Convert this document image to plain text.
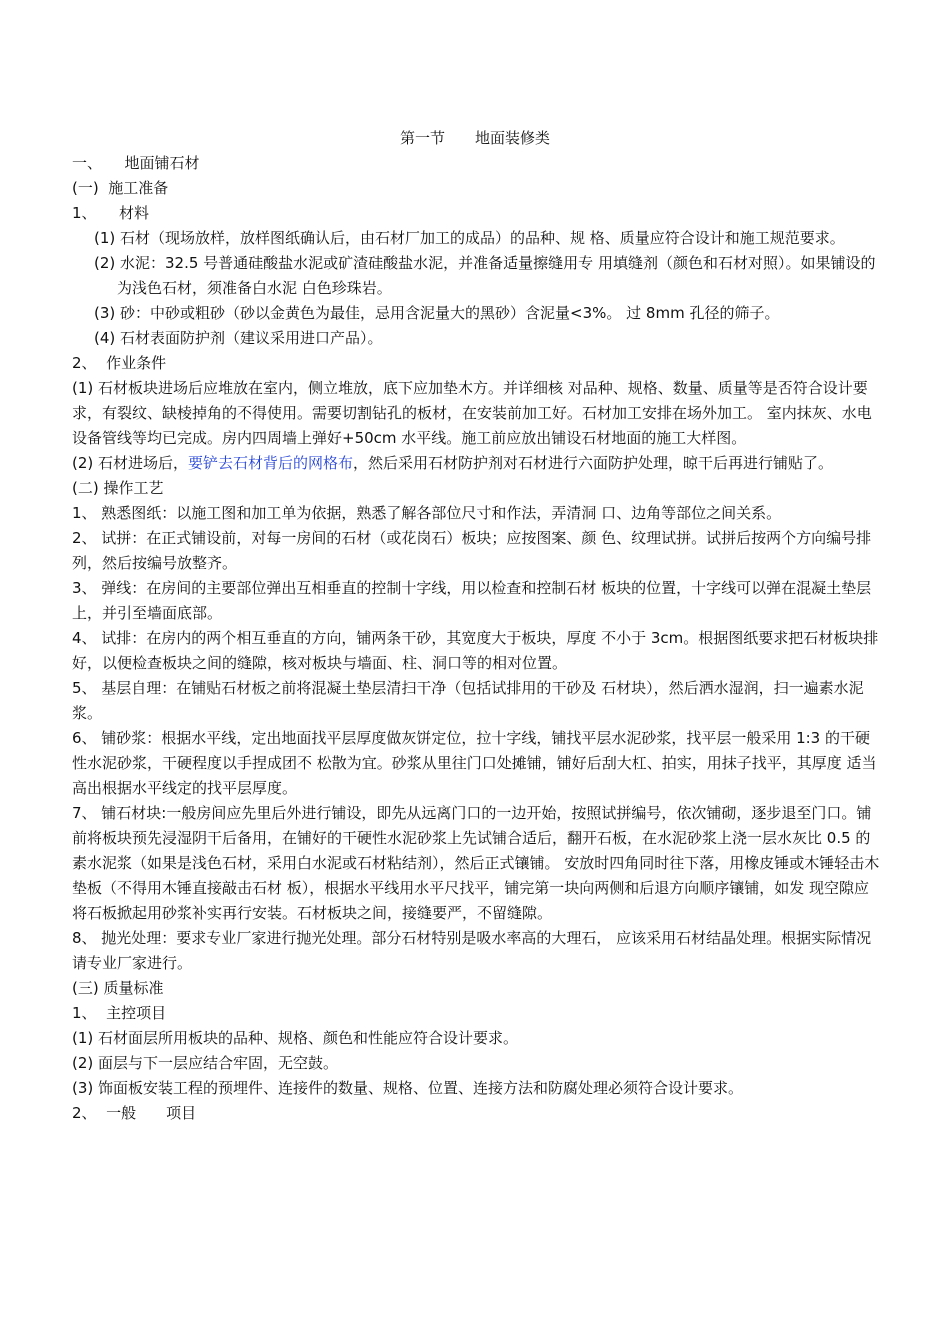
第一节　　地面装修类
一、　　地面铺石材
(一)  施工准备
1、　　材料

(1) 石材（现场放样，放样图纸确认后，由石材厂加工的成品）的品种、规 格、质量应符合设计和施工规范要求。

(2) 水泥：32.5 号普通硅酸盐水泥或矿渣硅酸盐水泥，并准备适量擦缝用专 用填缝剂（颜色和石材对照）。如果铺设的为浅色石材，须准备白水泥 白色珍珠岩。

(3) 砂：中砂或粗砂（砂以金黄色为最佳，忌用含泥量大的黑砂）含泥量<3%。 过 8mm 孔径的筛子。

(4) 石材表面防护剂（建议采用进口产品）。

2、  作业条件

(1) 石材板块进场后应堆放在室内，侧立堆放，底下应加垫木方。并详细核 对品种、规格、数量、质量等是否符合设计要求，有裂纹、缺棱掉角的不得使用。需要切割钻孔的板材，在安装前加工好。石材加工安排在场外加工。 室内抹灰、水电设备管线等均已完成。房内四周墙上弹好+50cm 水平线。施工前应放出铺设石材地面的施工大样图。

(2) 石材进场后，要铲去石材背后的网格布，然后采用石材防护剂对石材进行六面防护处理，晾干后再进行铺贴了。

(二) 操作工艺

1、 熟悉图纸：以施工图和加工单为依据，熟悉了解各部位尺寸和作法，弄清洞 口、边角等部位之间关系。

2、 试拼：在正式铺设前，对每一房间的石材（或花岗石）板块；应按图案、颜 色、纹理试拼。试拼后按两个方向编号排列，然后按编号放整齐。

3、 弹线：在房间的主要部位弹出互相垂直的控制十字线，用以检查和控制石材 板块的位置，十字线可以弹在混凝土垫层上，并引至墙面底部。

4、 试排：在房内的两个相互垂直的方向，铺两条干砂，其宽度大于板块，厚度 不小于 3cm。根据图纸要求把石材板块排好，以便检查板块之间的缝隙，核对板块与墙面、柱、洞口等的相对位置。

5、 基层自理：在铺贴石材板之前将混凝土垫层清扫干净（包括试排用的干砂及 石材块），然后洒水湿润，扫一遍素水泥浆。

6、 铺砂浆：根据水平线，定出地面找平层厚度做灰饼定位，拉十字线，铺找平层水泥砂浆，找平层一般采用 1:3 的干硬性水泥砂浆，干硬程度以手捏成团不 松散为宜。砂浆从里往门口处摊铺，铺好后刮大杠、拍实，用抹子找平，其厚度 适当高出根据水平线定的找平层厚度。

7、 铺石材块:一般房间应先里后外进行铺设，即先从远离门口的一边开始，按照试拼编号，依次铺砌，逐步退至门口。铺前将板块预先浸湿阴干后备用，在铺好的干硬性水泥砂浆上先试铺合适后，翻开石板，在水泥砂浆上浇一层水灰比 0.5 的素水泥浆（如果是浅色石材，采用白水泥或石材粘结剂），然后正式镶铺。 安放时四角同时往下落，用橡皮锤或木锤轻击木垫板（不得用木锤直接敲击石材 板），根据水平线用水平尺找平，铺完第一块向两侧和后退方向顺序镶铺，如发 现空隙应将石板掀起用砂浆补实再行安装。石材板块之间，接缝要严，不留缝隙。

8、 抛光处理：要求专业厂家进行抛光处理。部分石材特别是吸水率高的大理石， 应该采用石材结晶处理。根据实际情况请专业厂家进行。

(三) 质量标准
1、  主控项目

(1) 石材面层所用板块的品种、规格、颜色和性能应符合设计要求。

(2) 面层与下一层应结合牢固，无空鼓。

(3) 饰面板安装工程的预埋件、连接件的数量、规格、位置、连接方法和防腐处理必须符合设计要求。

2、  一般　　项目
